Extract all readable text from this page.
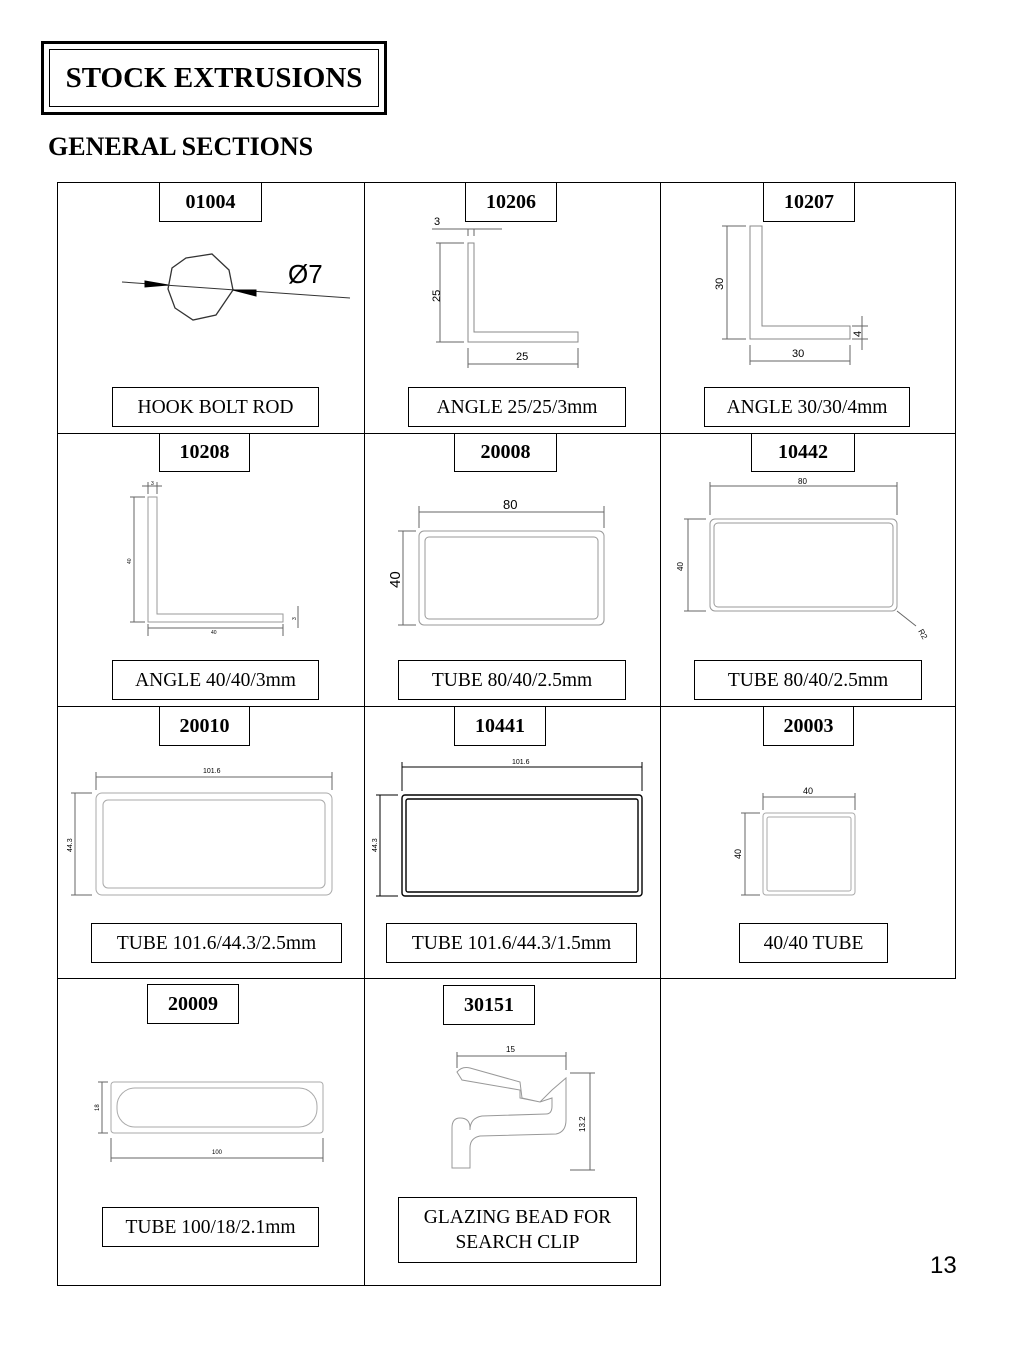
STOCK EXTRUSIONS
GENERAL SECTIONS
Ø7
3
25
25
30
30
4
3
40
40
3
80
40
80
40
R2
101.6
44.3
101.6
44.3
40
40
18
100
15
13.2
01004	10206	10207
10208	20008	10442
20010	10441	20003
20009	30151
HOOK BOLT ROD	ANGLE 25/25/3mm	ANGLE 30/30/4mm
ANGLE 40/40/3mm	TUBE 80/40/2.5mm	TUBE 80/40/2.5mm
TUBE 101.6/44.3/2.5mm	TUBE 101.6/44.3/1.5mm	40/40 TUBE
TUBE 100/18/2.1mm	GLAZING BEAD FOR
SEARCH CLIP
13
